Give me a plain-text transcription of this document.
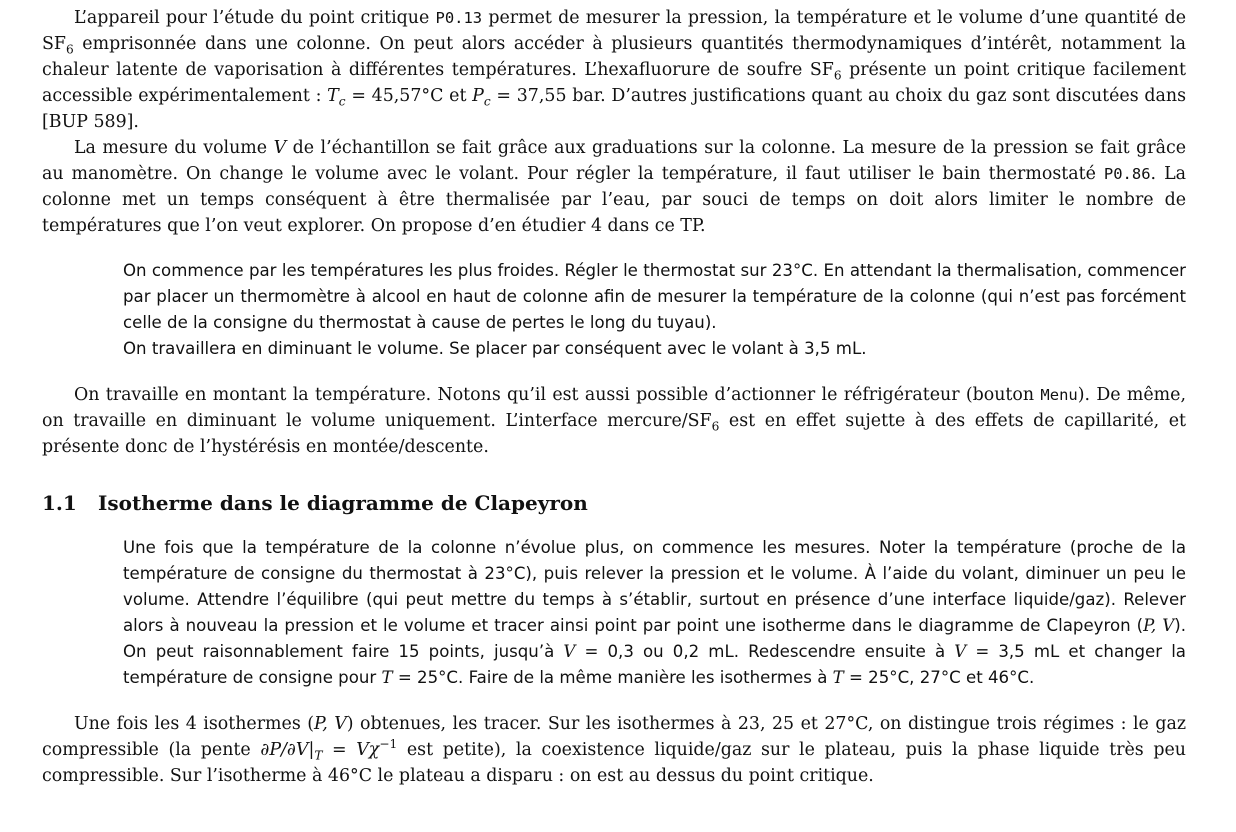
L’appareil pour l’étude du point critique P0.13 permet de mesurer la pression, la température et le volume d’une quantité de $SF_6$ emprisonnée dans une colonne. On peut alors accéder à plusieurs quantités thermodynamiques d’intérêt, notamment la chaleur latente de vaporisation à différentes températures. L’hexafluorure de soufre $SF_6$ présente un point critique facilement accessible expérimentalement : $T_c = 45,57^\circ C$ et $P_c = 37,55$ bar. D’autres justifications quant au choix du gaz sont discutées dans [BUP 589].

La mesure du volume V de l’échantillon se fait grâce aux graduations sur la colonne. La mesure de la pression se fait grâce au manomètre. On change le volume avec le volant. Pour régler la température, il faut utiliser le bain thermostaté P0.86. La colonne met un temps conséquent à être thermalisée par l’eau, par souci de temps on doit alors limiter le nombre de températures que l’on veut explorer. On propose d’en étudier 4 dans ce TP.

On commence par les températures les plus froides. Régler le thermostat sur 23°C. En attendant la thermalisation, commencer par placer un thermomètre à alcool en haut de colonne afin de mesurer la température de la colonne (qui n’est pas forcément celle de la consigne du thermostat à cause de pertes le long du tuyau).

On travaillera en diminuant le volume. Se placer par conséquent avec le volant à 3,5 mL.

On travaille en montant la température. Notons qu’il est aussi possible d’actionner le réfrigérateur (bouton Menu). De même, on travaille en diminuant le volume uniquement. L’interface mercure/$SF_6$ est en effet sujette à des effets de capillarité, et présente donc de l’hystérésis en montée/descente.

1.1	Isotherme dans le diagramme de Clapeyron

Une fois que la température de la colonne n’évolue plus, on commence les mesures. Noter la température (proche de la température de consigne du thermostat à 23°C), puis relever la pression et le volume. À l’aide du volant, diminuer un peu le volume. Attendre l’équilibre (qui peut mettre du temps à s’établir, surtout en présence d’une interface liquide/gaz). Relever alors à nouveau la pression et le volume et tracer ainsi point par point une isotherme dans le diagramme de Clapeyron (P, V). On peut raisonnablement faire 15 points, jusqu’à V = 0,3 ou 0,2 mL. Redescendre ensuite à V = 3,5 mL et changer la température de consigne pour T = 25°C. Faire de la même manière les isothermes à T = 25°C, 27°C et 46°C.

Une fois les 4 isothermes (P, V) obtenues, les tracer. Sur les isothermes à 23, 25 et 27°C, on distingue trois régimes : le gaz compressible (la pente $\partial P/\partial V|_T = V\chi^{-1}$ est petite), la coexistence liquide/gaz sur le plateau, puis la phase liquide très peu compressible. Sur l’isotherme à 46°C le plateau a disparu : on est au dessus du point critique.
